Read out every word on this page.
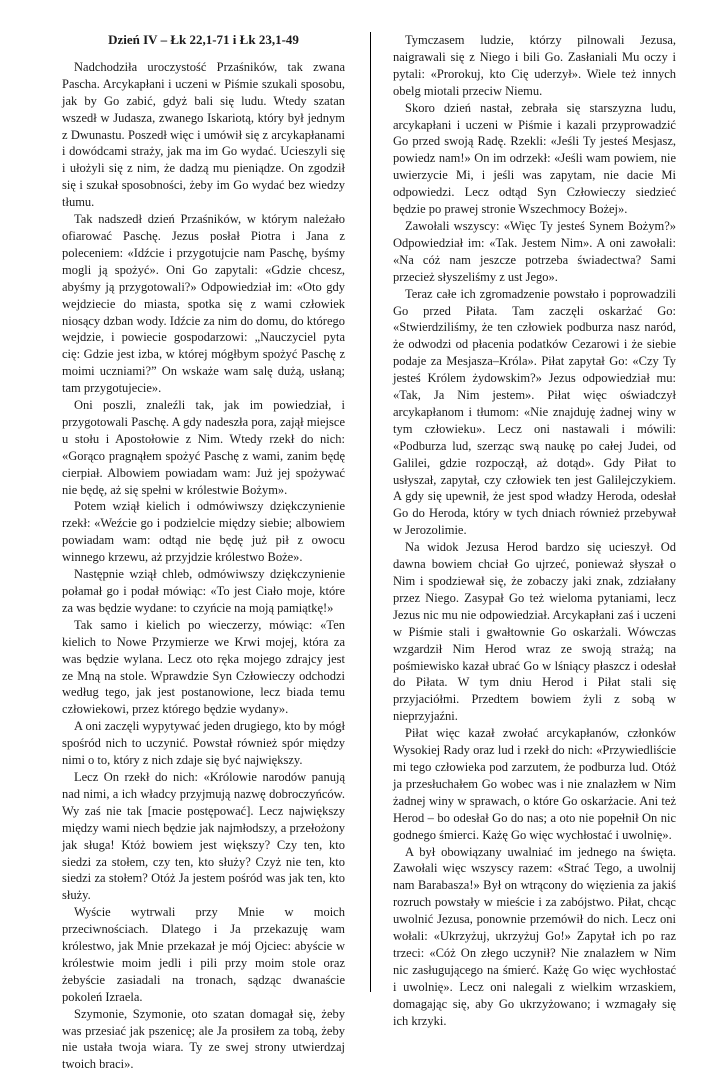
Dzień IV – Łk 22,1-71 i Łk 23,1-49

Nadchodziła uroczystość Przaśników, tak zwana Pascha. Arcykapłani i uczeni w Piśmie szukali sposobu, jak by Go zabić, gdyż bali się ludu. Wtedy szatan wszedł w Judasza, zwanego Iskariotą, który był jednym z Dwunastu. Poszedł więc i umówił się z arcykapłanami i dowódcami straży, jak ma im Go wydać. Ucieszyli się i ułożyli się z nim, że dadzą mu pieniądze. On zgodził się i szukał sposobności, żeby im Go wydać bez wiedzy tłumu.

Tak nadszedł dzień Przaśników, w którym należało ofiarować Paschę. Jezus posłał Piotra i Jana z poleceniem: «Idźcie i przygotujcie nam Paschę, byśmy mogli ją spożyć». Oni Go zapytali: «Gdzie chcesz, abyśmy ją przygotowali?» Odpowiedział im: «Oto gdy wejdziecie do miasta, spotka się z wami człowiek niosący dzban wody. Idźcie za nim do domu, do którego wejdzie, i powiecie gospodarzowi: „Nauczyciel pyta cię: Gdzie jest izba, w której mógłbym spożyć Paschę z moimi uczniami?” On wskaże wam salę dużą, usłaną; tam przygotujecie».

Oni poszli, znaleźli tak, jak im powiedział, i przygotowali Paschę. A gdy nadeszła pora, zajął miejsce u stołu i Apostołowie z Nim. Wtedy rzekł do nich: «Gorąco pragnąłem spożyć Paschę z wami, zanim będę cierpiał. Albowiem powiadam wam: Już jej spożywać nie będę, aż się spełni w królestwie Bożym».

Potem wziął kielich i odmówiwszy dziękczynienie rzekł: «Weźcie go i podzielcie między siebie; albowiem powiadam wam: odtąd nie będę już pił z owocu winnego krzewu, aż przyjdzie królestwo Boże».

Następnie wziął chleb, odmówiwszy dziękczynienie połamał go i podał mówiąc: «To jest Ciało moje, które za was będzie wydane: to czyńcie na moją pamiątkę!»

Tak samo i kielich po wieczerzy, mówiąc: «Ten kielich to Nowe Przymierze we Krwi mojej, która za was będzie wylana. Lecz oto ręka mojego zdrajcy jest ze Mną na stole. Wprawdzie Syn Człowieczy odchodzi według tego, jak jest postanowione, lecz biada temu człowiekowi, przez którego będzie wydany».

A oni zaczęli wypytywać jeden drugiego, kto by mógł spośród nich to uczynić. Powstał również spór między nimi o to, który z nich zdaje się być największy.

Lecz On rzekł do nich: «Królowie narodów panują nad nimi, a ich władcy przyjmują nazwę dobroczyńców. Wy zaś nie tak [macie postępować]. Lecz największy między wami niech będzie jak najmłodszy, a przełożony jak sługa! Któż bowiem jest większy? Czy ten, kto siedzi za stołem, czy ten, kto służy? Czyż nie ten, kto siedzi za stołem? Otóż Ja jestem pośród was jak ten, kto służy.

Wyście wytrwali przy Mnie w moich przeciwnościach. Dlatego i Ja przekazuję wam królestwo, jak Mnie przekazał je mój Ojciec: abyście w królestwie moim jedli i pili przy moim stole oraz żebyście zasiadali na tronach, sądząc dwanaście pokoleń Izraela.

Szymonie, Szymonie, oto szatan domagał się, żeby was przesiać jak pszenicę; ale Ja prosiłem za tobą, żeby nie ustała twoja wiara. Ty ze swej strony utwierdzaj twoich braci».

Tymczasem ludzie, którzy pilnowali Jezusa, naigrawali się z Niego i bili Go. Zasłaniali Mu oczy i pytali: «Prorokuj, kto Cię uderzył». Wiele też innych obelg miotali przeciw Niemu.

Skoro dzień nastał, zebrała się starszyzna ludu, arcykapłani i uczeni w Piśmie i kazali przyprowadzić Go przed swoją Radę. Rzekli: «Jeśli Ty jesteś Mesjasz, powiedz nam!» On im odrzekł: «Jeśli wam powiem, nie uwierzycie Mi, i jeśli was zapytam, nie dacie Mi odpowiedzi. Lecz odtąd Syn Człowieczy siedzieć będzie po prawej stronie Wszechmocy Bożej».

Zawołali wszyscy: «Więc Ty jesteś Synem Bożym?» Odpowiedział im: «Tak. Jestem Nim». A oni zawołali: «Na cóż nam jeszcze potrzeba świadectwa? Sami przecież słyszeliśmy z ust Jego».

Teraz całe ich zgromadzenie powstało i poprowadzili Go przed Piłata. Tam zaczęli oskarżać Go: «Stwierdziliśmy, że ten człowiek podburza nasz naród, że odwodzi od płacenia podatków Cezarowi i że siebie podaje za Mesjasza–Króla». Piłat zapytał Go: «Czy Ty jesteś Królem żydowskim?» Jezus odpowiedział mu: «Tak, Ja Nim jestem». Piłat więc oświadczył arcykapłanom i tłumom: «Nie znajduję żadnej winy w tym człowieku». Lecz oni nastawali i mówili: «Podburza lud, szerząc swą naukę po całej Judei, od Galilei, gdzie rozpoczął, aż dotąd». Gdy Piłat to usłyszał, zapytał, czy człowiek ten jest Galilejczykiem. A gdy się upewnił, że jest spod władzy Heroda, odesłał Go do Heroda, który w tych dniach również przebywał w Jerozolimie.

Na widok Jezusa Herod bardzo się ucieszył. Od dawna bowiem chciał Go ujrzeć, ponieważ słyszał o Nim i spodziewał się, że zobaczy jaki znak, zdziałany przez Niego. Zasypał Go też wieloma pytaniami, lecz Jezus nic mu nie odpowiedział. Arcykapłani zaś i uczeni w Piśmie stali i gwałtownie Go oskarżali. Wówczas wzgardził Nim Herod wraz ze swoją strażą; na pośmiewisko kazał ubrać Go w lśniący płaszcz i odesłał do Piłata. W tym dniu Herod i Piłat stali się przyjaciółmi. Przedtem bowiem żyli z sobą w nieprzyjaźni.

Piłat więc kazał zwołać arcykapłanów, członków Wysokiej Rady oraz lud i rzekł do nich: «Przywiedliście mi tego człowieka pod zarzutem, że podburza lud. Otóż ja przesłuchałem Go wobec was i nie znalazłem w Nim żadnej winy w sprawach, o które Go oskarżacie. Ani też Herod – bo odesłał Go do nas; a oto nie popełnił On nic godnego śmierci. Każę Go więc wychłostać i uwolnię».

A był obowiązany uwalniać im jednego na święta. Zawołali więc wszyscy razem: «Strać Tego, a uwolnij nam Barabasza!» Był on wtrącony do więzienia za jakiś rozruch powstały w mieście i za zabójstwo. Piłat, chcąc uwolnić Jezusa, ponownie przemówił do nich. Lecz oni wołali: «Ukrzyżuj, ukrzyżuj Go!» Zapytał ich po raz trzeci: «Cóż On złego uczynił? Nie znalazłem w Nim nic zasługującego na śmierć. Każę Go więc wychłostać i uwolnię». Lecz oni nalegali z wielkim wrzaskiem, domagając się, aby Go ukrzyżowano; i wzmagały się ich krzyki.
